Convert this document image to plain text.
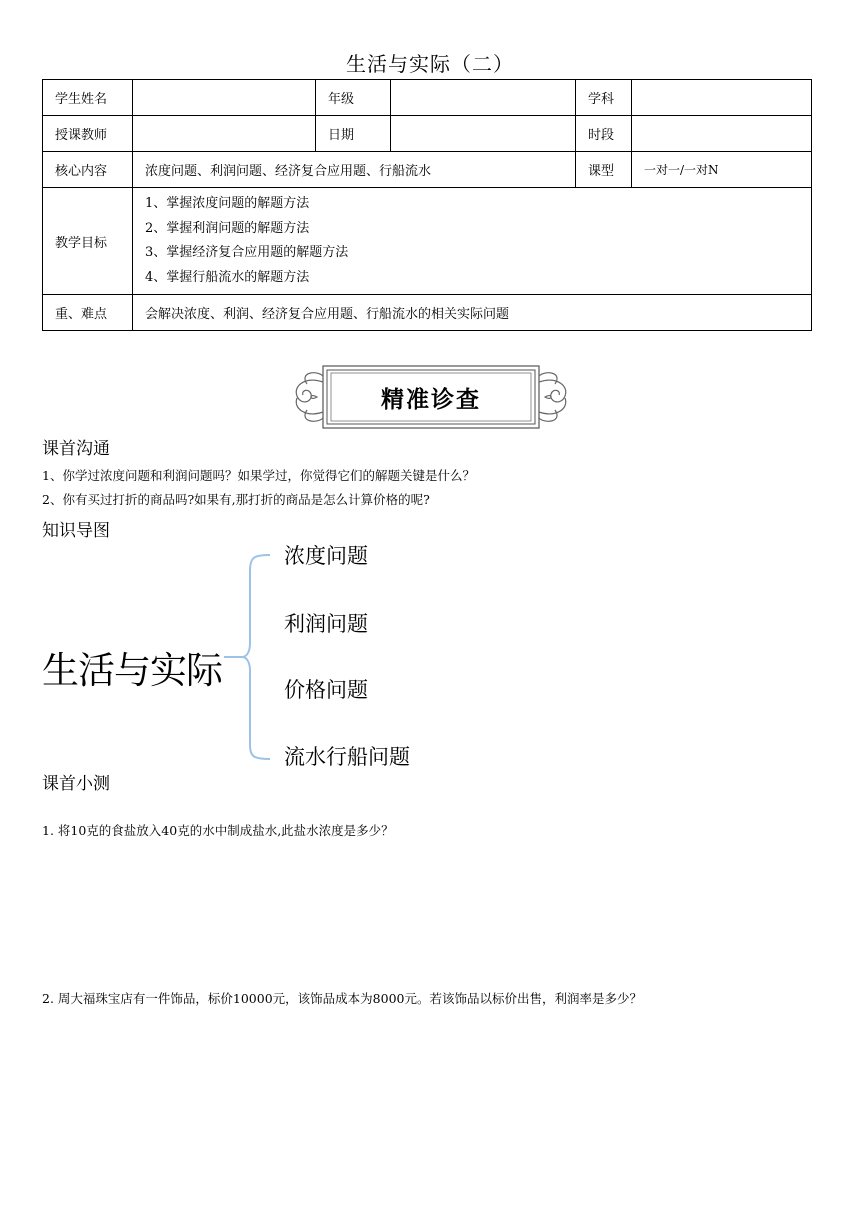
生活与实际（二）
学生姓名		年级		学科	
授课教师		日期		时段	
核心内容	浓度问题、利润问题、经济复合应用题、行船流水			课型	一对一/一对N
教学目标	1、掌握浓度问题的解题方法
2、掌握利润问题的解题方法
3、掌握经济复合应用题的解题方法
4、掌握行船流水的解题方法				

重、难点	会解决浓度、利润、经济复合应用题、行船流水的相关实际问题				
精准诊查
课首沟通
1、你学过浓度问题和利润问题吗？如果学过，你觉得它们的解题关键是什么？
2、你有买过打折的商品吗?如果有,那打折的商品是怎么计算价格的呢?
知识导图
生活与实际
浓度问题
利润问题
价格问题
流水行船问题
课首小测
1. 将10克的食盐放入40克的水中制成盐水,此盐水浓度是多少？
2. 周大福珠宝店有一件饰品，标价10000元，该饰品成本为8000元。若该饰品以标价出售，利润率是多少？
